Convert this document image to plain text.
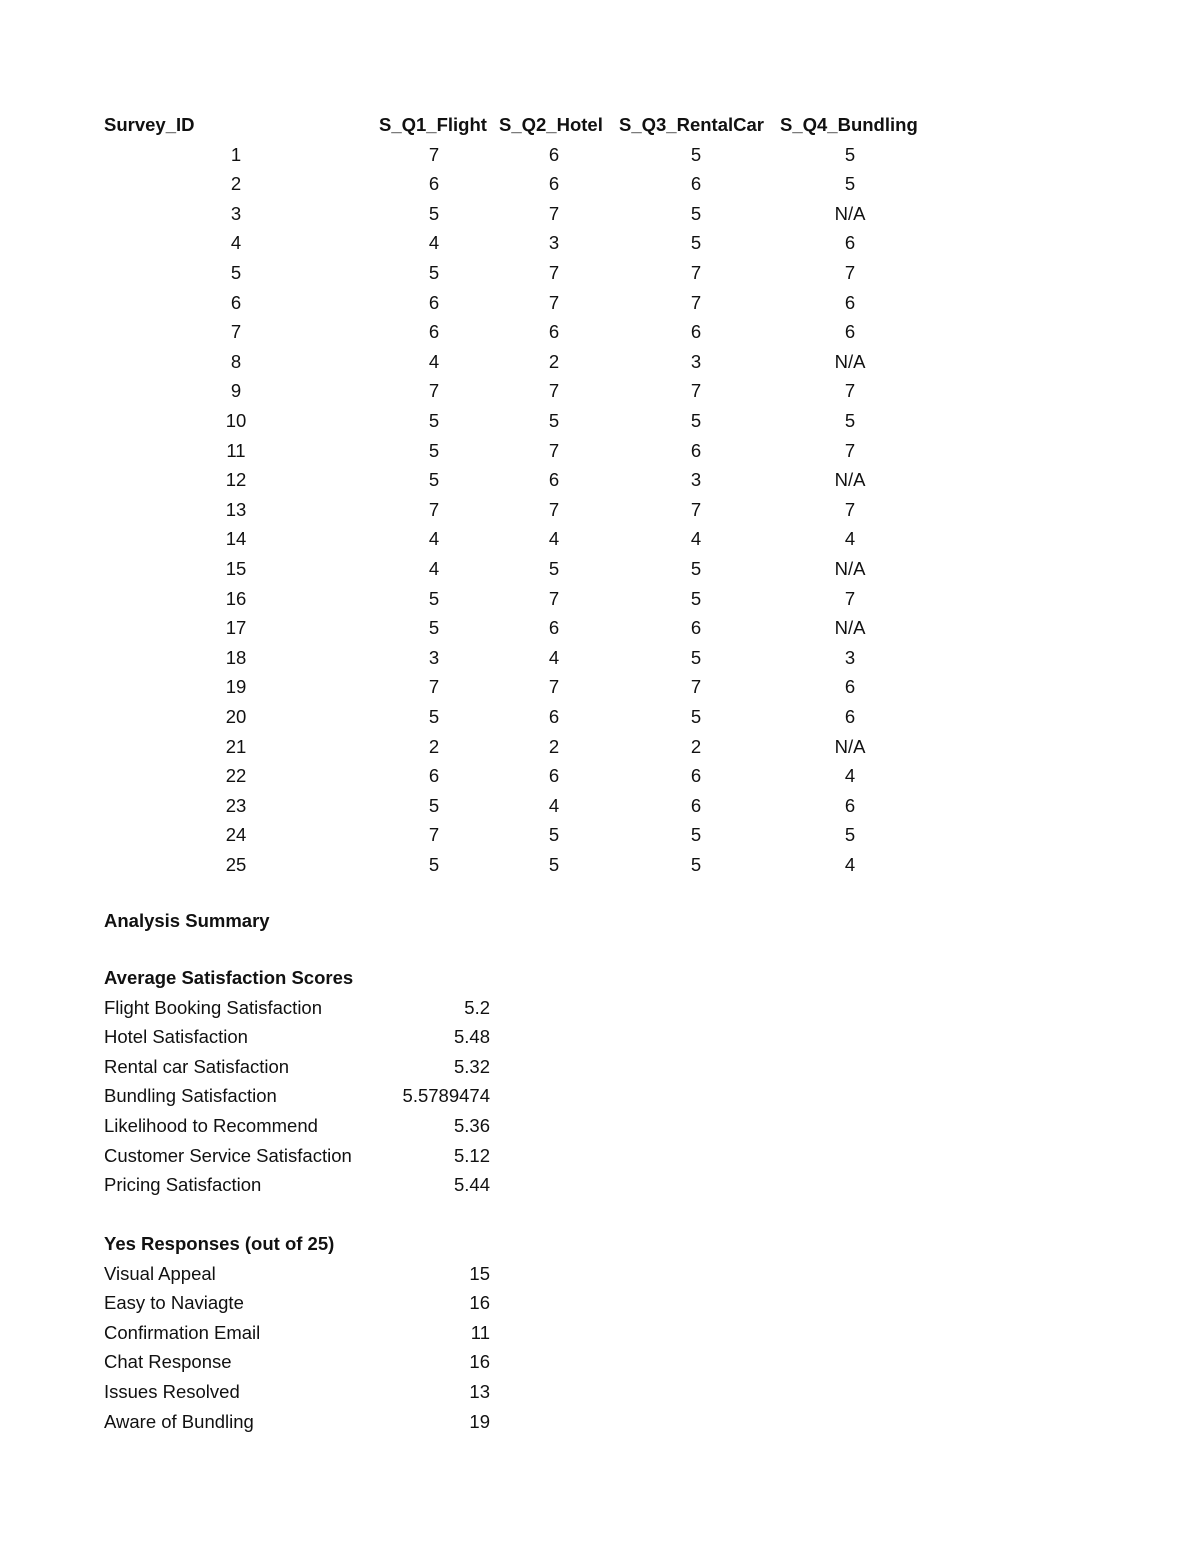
Survey_ID	S_Q1_Flight S_Q2_Hotel S_Q3_RentalCar S_Q4_Bundling
1	7	6	5	5
2	6	6	6	5
3	5	7	5	N/A
4	4	3	5	6
5	5	7	7	7
6	6	7	7	6
7	6	6	6	6
8	4	2	3	N/A
9	7	7	7	7
10	5	5	5	5
11	5	7	6	7
12	5	6	3	N/A
13	7	7	7	7
14	4	4	4	4
15	4	5	5	N/A
16	5	7	5	7
17	5	6	6	N/A
18	3	4	5	3
19	7	7	7	6
20	5	6	5	6
21	2	2	2	N/A
22	6	6	6	4
23	5	4	6	6
24	7	5	5	5
25	5	5	5	4
Analysis Summary
Average Satisfaction Scores
Flight Booking Satisfaction	5.2
Hotel Satisfaction	5.48
Rental car Satisfaction	5.32
Bundling Satisfaction	5.5789474
Likelihood to Recommend	5.36
Customer Service Satisfaction	5.12
Pricing Satisfaction	5.44
Yes Responses (out of 25)
Visual Appeal	15
Easy to Naviagte	16
Confirmation Email	11
Chat Response	16
Issues Resolved	13
Aware of Bundling	19
